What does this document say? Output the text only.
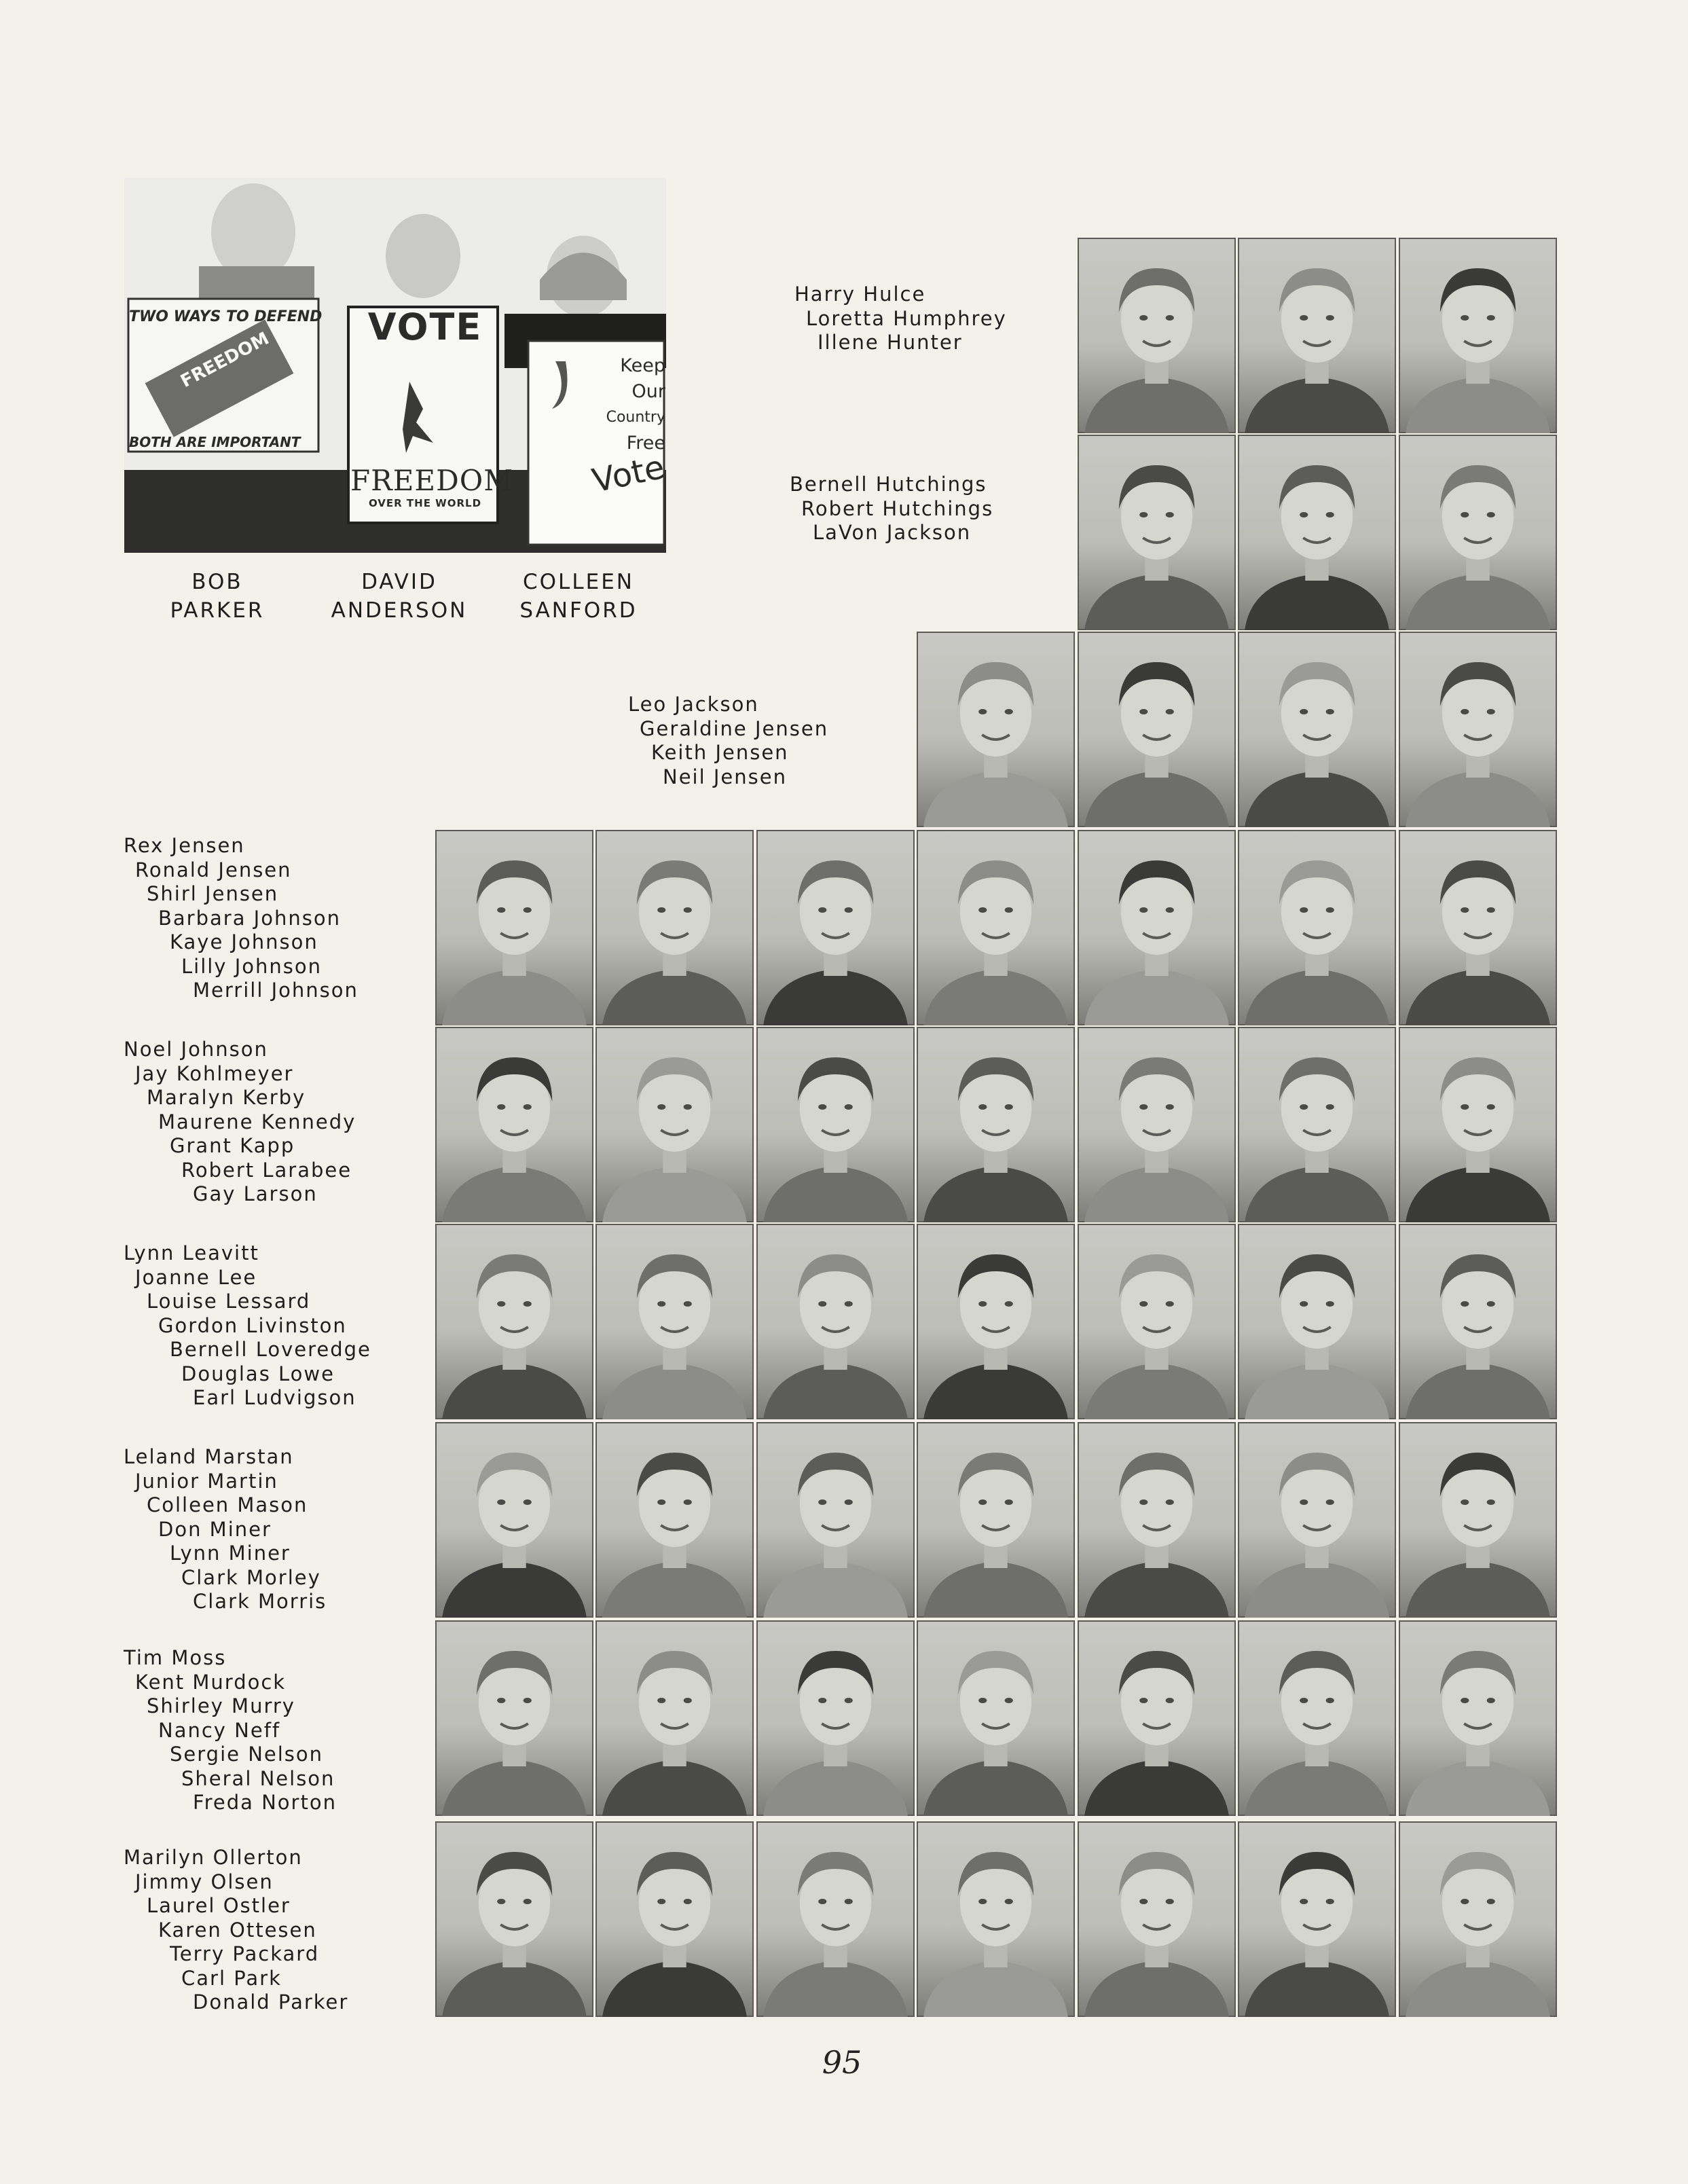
TWO WAYS TO DEFEND
FREEDOM
BOTH ARE IMPORTANT
VOTE
FREEDOM
OVER THE WORLD
Keep
Our
Country
Free
Vote
BOB
PARKER
DAVID
ANDERSON
COLLEEN
SANFORD
Harry Hulce
Loretta Humphrey
Illene Hunter
Bernell Hutchings
Robert Hutchings
LaVon Jackson
Leo Jackson
Geraldine Jensen
Keith Jensen
Neil Jensen
Rex Jensen
Ronald Jensen
Shirl Jensen
Barbara Johnson
Kaye Johnson
Lilly Johnson
Merrill Johnson
Noel Johnson
Jay Kohlmeyer
Maralyn Kerby
Maurene Kennedy
Grant Kapp
Robert Larabee
Gay Larson
Lynn Leavitt
Joanne Lee
Louise Lessard
Gordon Livinston
Bernell Loveredge
Douglas Lowe
Earl Ludvigson
Leland Marstan
Junior Martin
Colleen Mason
Don Miner
Lynn Miner
Clark Morley
Clark Morris
Tim Moss
Kent Murdock
Shirley Murry
Nancy Neff
Sergie Nelson
Sheral Nelson
Freda Norton
Marilyn Ollerton
Jimmy Olsen
Laurel Ostler
Karen Ottesen
Terry Packard
Carl Park
Donald Parker
95
